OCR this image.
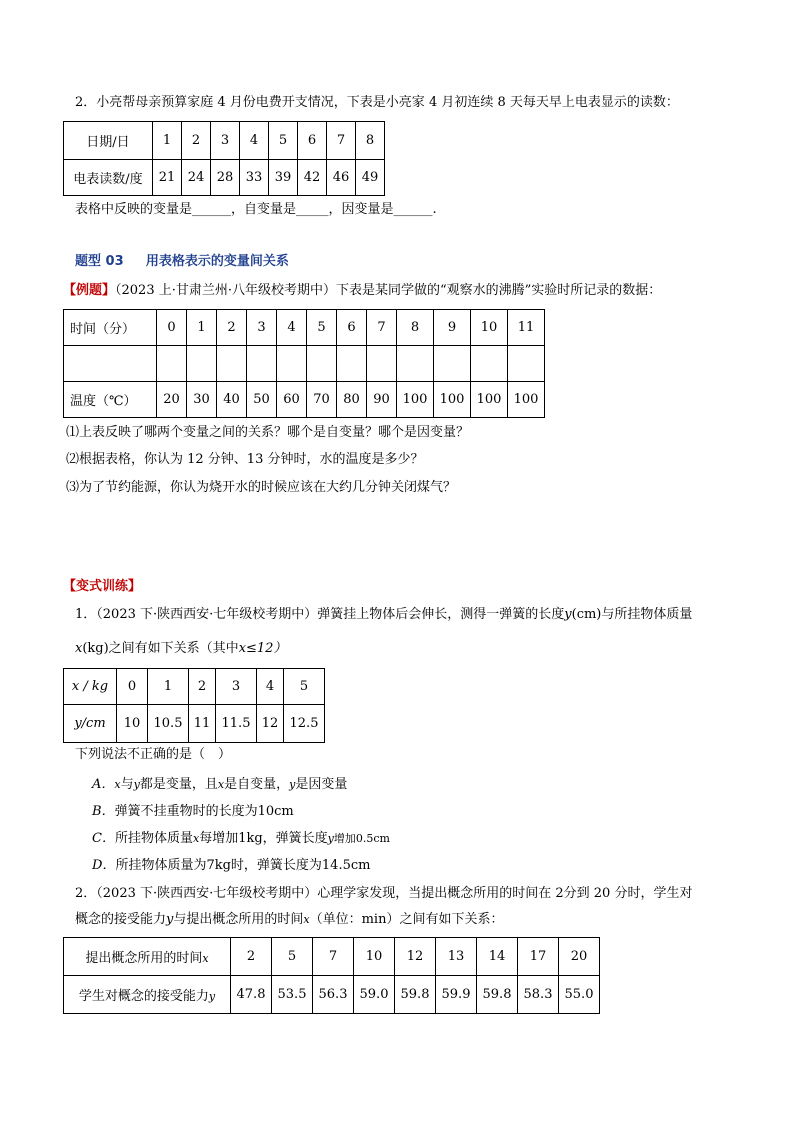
2．小亮帮母亲预算家庭 4 月份电费开支情况，下表是小亮家 4 月初连续 8 天每天早上电表显示的读数：
日期/日	1	2	3	4	5	6	7	8
电表读数/度	21	24	28	33	39	42	46	49
表格中反映的变量是______，自变量是_____，因变量是______.
题型 03 用表格表示的变量间关系
【例题】（2023 上·甘肃兰州·八年级校考期中）下表是某同学做的“观察水的沸腾”实验时所记录的数据：
时间（分）	0	1	2	3	4	5	6	7	8	9	10	11

温度（℃）	20	30	40	50	60	70	80	90	100	100	100	100
⑴上表反映了哪两个变量之间的关系？哪个是自变量？哪个是因变量？
⑵根据表格，你认为 12 分钟、13 分钟时，水的温度是多少？
⑶为了节约能源，你认为烧开水的时候应该在大约几分钟关闭煤气？
【变式训练】
1．（2023 下·陕西西安·七年级校考期中）弹簧挂上物体后会伸长，测得一弹簧的长度y(cm)与所挂物体质量
x(kg)之间有如下关系（其中x≤12）
x / kg	0	1	2	3	4	5
y/cm	10	10.5	11	11.5	12	12.5
下列说法不正确的是（　）
A．x与y都是变量，且x是自变量，y是因变量
B．弹簧不挂重物时的长度为10cm
C．所挂物体质量x每增加1kg，弹簧长度y增加0.5cm
D．所挂物体质量为7kg时，弹簧长度为14.5cm
2．（2023 下·陕西西安·七年级校考期中）心理学家发现，当提出概念所用的时间在 2分到 20 分时，学生对
概念的接受能力y与提出概念所用的时间x（单位：min）之间有如下关系：
提出概念所用的时间x	2	5	7	10	12	13	14	17	20
学生对概念的接受能力y	47.8	53.5	56.3	59.0	59.8	59.9	59.8	58.3	55.0
